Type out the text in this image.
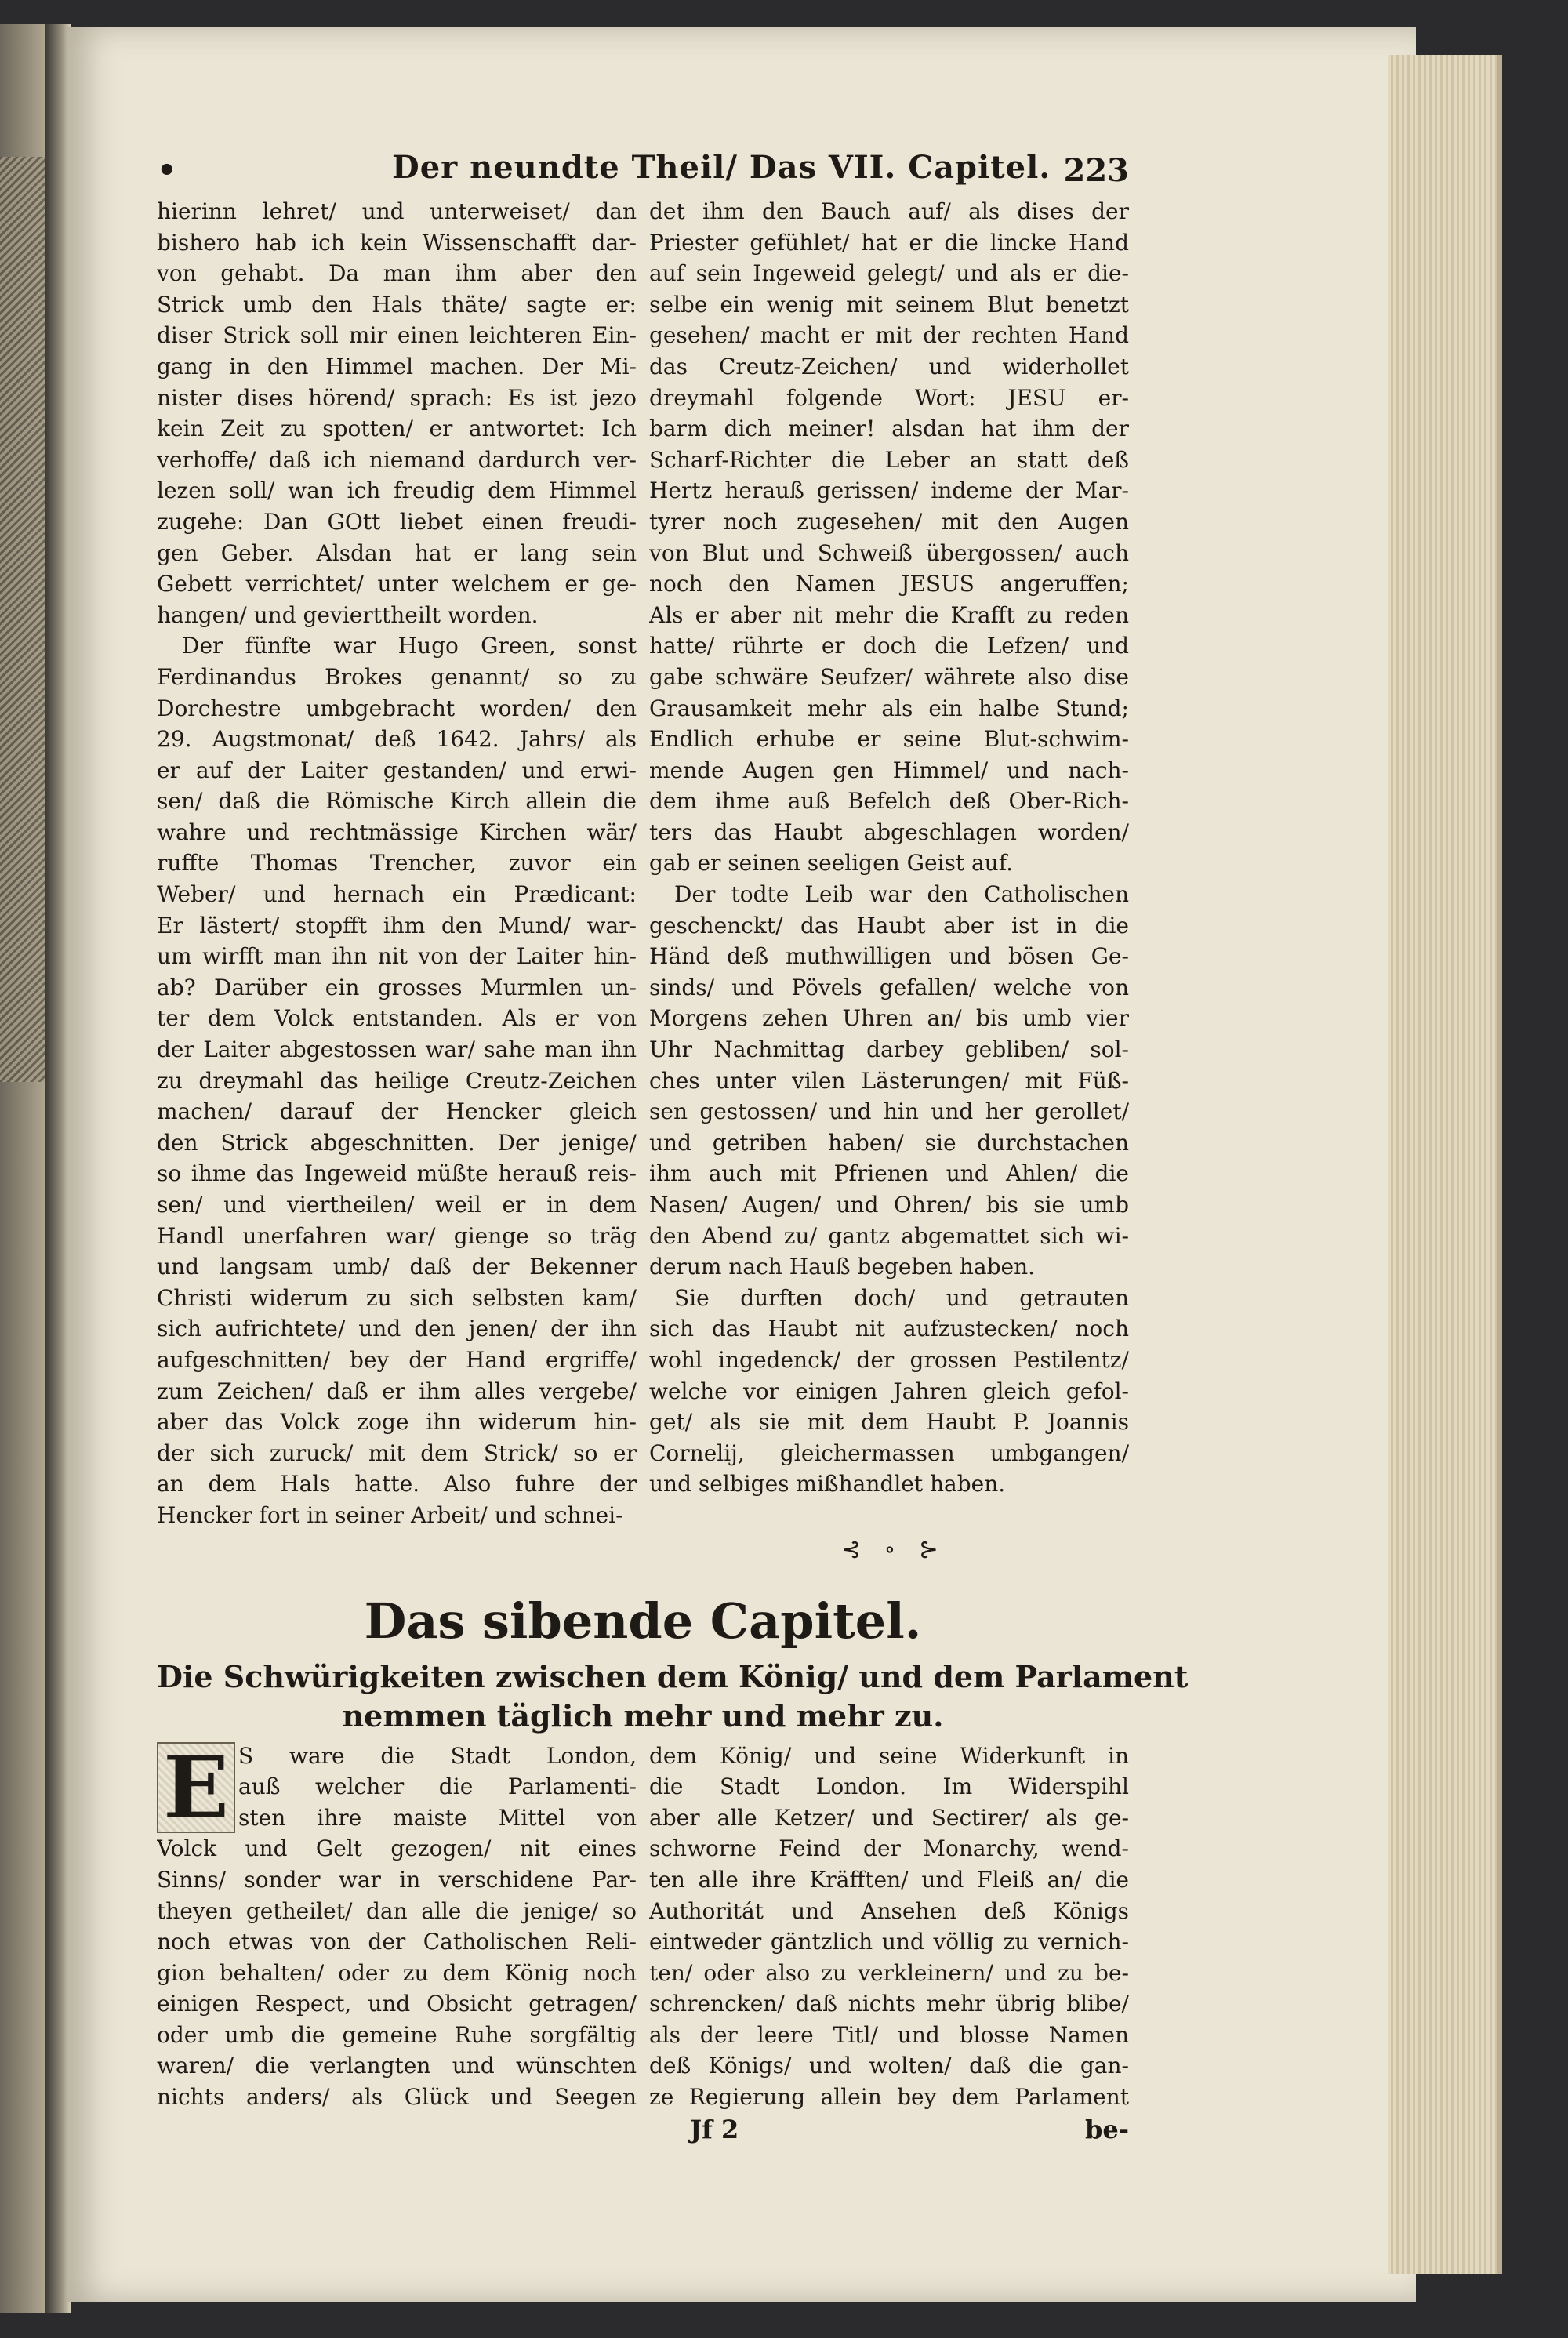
•	Der neundte Theil/ Das VII. Capitel. 223
hierinn lehret/ und unterweiset/ dan
bishero hab ich kein Wissenschafft dar-
von gehabt. Da man ihm aber den
Strick umb den Hals thäte/ sagte er:
diser Strick soll mir einen leichteren Ein-
gang in den Himmel machen. Der Mi-
nister dises hörend/ sprach: Es ist jezo
kein Zeit zu spotten/ er antwortet: Ich
verhoffe/ daß ich niemand dardurch ver-
lezen soll/ wan ich freudig dem Himmel
zugehe: Dan GOtt liebet einen freudi-
gen Geber. Alsdan hat er lang sein
Gebett verrichtet/ unter welchem er ge-
hangen/ und gevierttheilt worden.
Der fünfte war Hugo Green, sonst
Ferdinandus Brokes genannt/ so zu
Dorchestre umbgebracht worden/ den
29. Augstmonat/ deß 1642. Jahrs/ als
er auf der Laiter gestanden/ und erwi-
sen/ daß die Römische Kirch allein die
wahre und rechtmässige Kirchen wär/
ruffte Thomas Trencher, zuvor ein
Weber/ und hernach ein Prædicant:
Er lästert/ stopfft ihm den Mund/ war-
um wirfft man ihn nit von der Laiter hin-
ab? Darüber ein grosses Murmlen un-
ter dem Volck entstanden. Als er von
der Laiter abgestossen war/ sahe man ihn
zu dreymahl das heilige Creutz-Zeichen
machen/ darauf der Hencker gleich
den Strick abgeschnitten. Der jenige/
so ihme das Ingeweid müßte herauß reis-
sen/ und viertheilen/ weil er in dem
Handl unerfahren war/ gienge so träg
und langsam umb/ daß der Bekenner
Christi widerum zu sich selbsten kam/
sich aufrichtete/ und den jenen/ der ihn
aufgeschnitten/ bey der Hand ergriffe/
zum Zeichen/ daß er ihm alles vergebe/
aber das Volck zoge ihn widerum hin-
der sich zuruck/ mit dem Strick/ so er
an dem Hals hatte. Also fuhre der
Hencker fort in seiner Arbeit/ und schnei-
det ihm den Bauch auf/ als dises der
Priester gefühlet/ hat er die lincke Hand
auf sein Ingeweid gelegt/ und als er die-
selbe ein wenig mit seinem Blut benetzt
gesehen/ macht er mit der rechten Hand
das Creutz-Zeichen/ und widerhollet
dreymahl folgende Wort: JESU er-
barm dich meiner! alsdan hat ihm der
Scharf-Richter die Leber an statt deß
Hertz herauß gerissen/ indeme der Mar-
tyrer noch zugesehen/ mit den Augen
von Blut und Schweiß übergossen/ auch
noch den Namen JESUS angeruffen;
Als er aber nit mehr die Krafft zu reden
hatte/ rührte er doch die Lefzen/ und
gabe schwäre Seufzer/ währete also dise
Grausamkeit mehr als ein halbe Stund;
Endlich erhube er seine Blut-schwim-
mende Augen gen Himmel/ und nach-
dem ihme auß Befelch deß Ober-Rich-
ters das Haubt abgeschlagen worden/
gab er seinen seeligen Geist auf.
Der todte Leib war den Catholischen
geschenckt/ das Haubt aber ist in die
Händ deß muthwilligen und bösen Ge-
sinds/ und Pövels gefallen/ welche von
Morgens zehen Uhren an/ bis umb vier
Uhr Nachmittag darbey gebliben/ sol-
ches unter vilen Lästerungen/ mit Füß-
sen gestossen/ und hin und her gerollet/
und getriben haben/ sie durchstachen
ihm auch mit Pfrienen und Ahlen/ die
Nasen/ Augen/ und Ohren/ bis sie umb
den Abend zu/ gantz abgemattet sich wi-
derum nach Hauß begeben haben.
Sie durften doch/ und getrauten
sich das Haubt nit aufzustecken/ noch
wohl ingedenck/ der grossen Pestilentz/
welche vor einigen Jahren gleich gefol-
get/ als sie mit dem Haubt P. Joannis
Cornelij, gleichermassen umbgangen/
und selbiges mißhandlet haben.
⊰ ∘ ⊱
Das sibende Capitel.
Die Schwürigkeiten zwischen dem König/ und dem Parlament
nemmen täglich mehr und mehr zu.
E S ware die Stadt London,
auß welcher die Parlamenti-
sten ihre maiste Mittel von
Volck und Gelt gezogen/ nit eines
Sinns/ sonder war in verschidene Par-
theyen getheilet/ dan alle die jenige/ so
noch etwas von der Catholischen Reli-
gion behalten/ oder zu dem König noch
einigen Respect, und Obsicht getragen/
oder umb die gemeine Ruhe sorgfältig
waren/ die verlangten und wünschten
nichts anders/ als Glück und Seegen
dem König/ und seine Widerkunft in
die Stadt London. Im Widerspihl
aber alle Ketzer/ und Sectirer/ als ge-
schworne Feind der Monarchy, wend-
ten alle ihre Kräfften/ und Fleiß an/ die
Authoritát und Ansehen deß Königs
eintweder gäntzlich und völlig zu vernich-
ten/ oder also zu verkleinern/ und zu be-
schrencken/ daß nichts mehr übrig blibe/
als der leere Titl/ und blosse Namen
deß Königs/ und wolten/ daß die gan-
ze Regierung allein bey dem Parlament
Jf 2	be-
